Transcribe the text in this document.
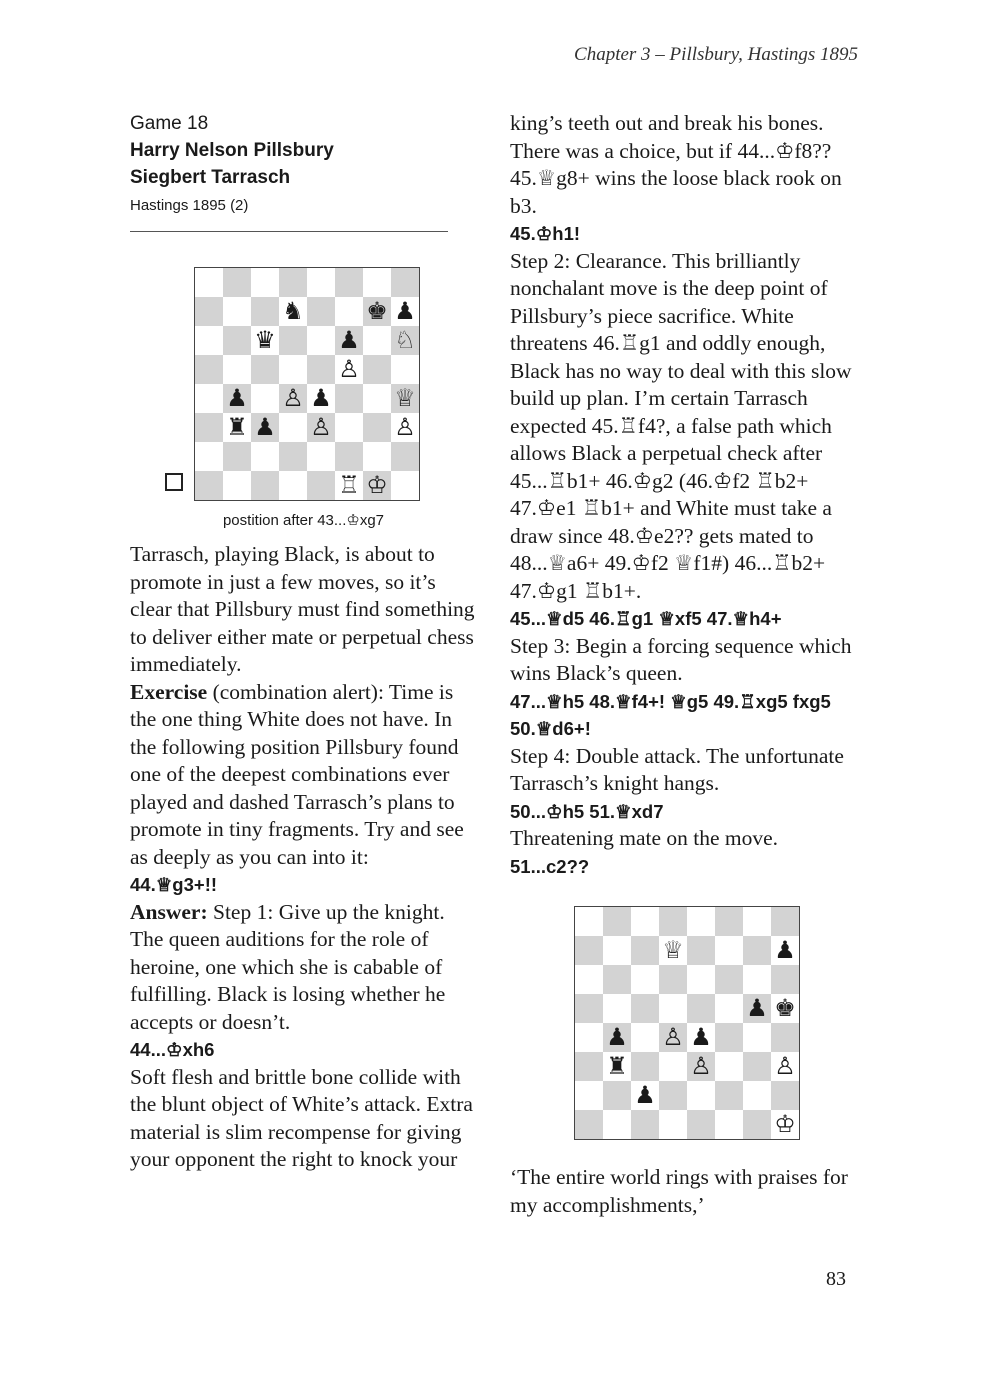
Chapter 3 – Pillsbury, Hastings 1895
Game 18
Harry Nelson Pillsbury
Siegbert Tarrasch
Hastings 1895 (2)
♞	♚ ♟
♛	♟ ♘
♙
♟ ♙ ♟	♕
♜ ♟ ♙	♙
♖ ♔
postition after 43...♔xg7

Tarrasch, playing Black, is about to promote in just a few moves, so it’s clear that Pillsbury must find something to deliver either mate or perpetual chess immediately.

Exercise (combination alert): Time is the one thing White does not have. In the following position Pillsbury found one of the deepest combinations ever played and dashed Tarrasch’s plans to promote in tiny fragments. Try and see as deeply as you can into it:

44.♕g3+!!

Answer: Step 1: Give up the knight. The queen auditions for the role of heroine, one which she is cabable of fulfilling. Black is losing whether he accepts or doesn’t.

44...♔xh6

Soft flesh and brittle bone collide with the blunt object of White’s attack. Extra material is slim recompense for giving your opponent the right to knock your

king’s teeth out and break his bones. There was a choice, but if 44...♔f8?? 45.♕g8+ wins the loose black rook on b3.

45.♔h1!

Step 2: Clearance. This brilliantly nonchalant move is the deep point of Pillsbury’s piece sacrifice. White threatens 46.♖g1 and oddly enough, Black has no way to deal with this slow build up plan. I’m certain Tarrasch expected 45.♖f4?, a false path which allows Black a perpetual check after 45...♖b1+ 46.♔g2 (46.♔f2 ♖b2+ 47.♔e1 ♖b1+ and White must take a draw since 48.♔e2?? gets mated to 48...♕a6+ 49.♔f2 ♕f1#) 46...♖b2+ 47.♔g1 ♖b1+.

45...♕d5 46.♖g1 ♕xf5 47.♕h4+

Step 3: Begin a forcing sequence which wins Black’s queen.

47...♕h5 48.♕f4+! ♕g5 49.♖xg5 fxg5 50.♕d6+!

Step 4: Double attack. The unfortunate Tarrasch’s knight hangs.

50...♔h5 51.♕xd7

Threatening mate on the move.

51...c2??

♕	♟
♟ ♚
♟ ♙ ♟
♜	♙	♙
♟
♔

‘The entire world rings with praises for my accomplishments,’

83
